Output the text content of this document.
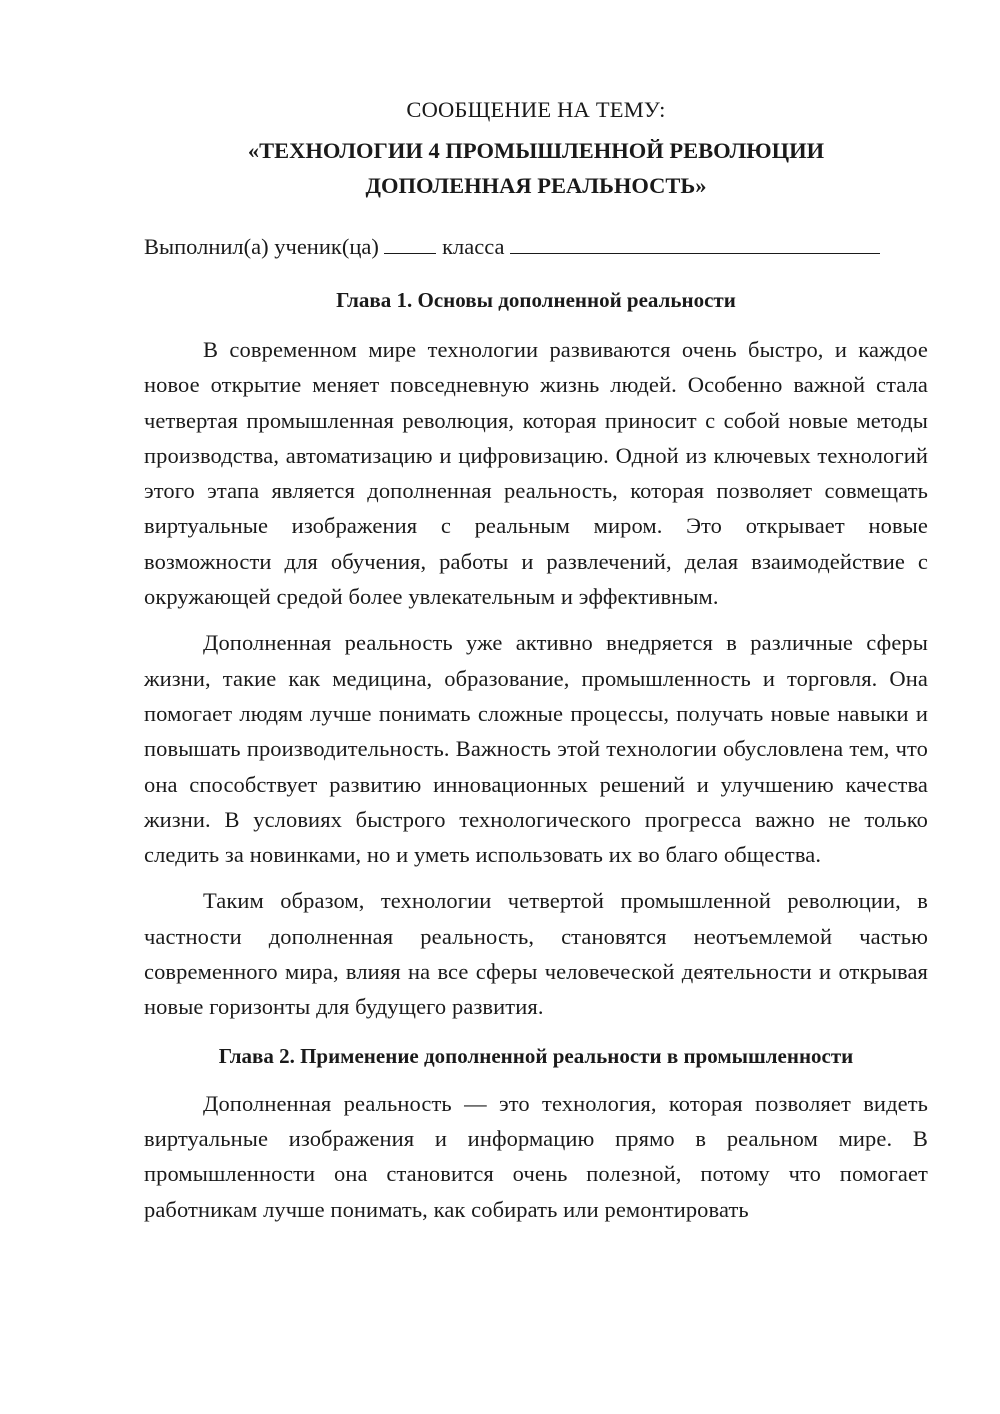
СООБЩЕНИЕ НА ТЕМУ:

«ТЕХНОЛОГИИ 4 ПРОМЫШЛЕННОЙ РЕВОЛЮЦИИ

ДОПОЛЕННАЯ РЕАЛЬНОСТЬ»

Выполнил(а) ученик(ца)	класса

Глава 1. Основы дополненной реальности

В современном мире технологии развиваются очень быстро, и каждое новое открытие меняет повседневную жизнь людей. Особенно важной стала четвертая промышленная революция, которая приносит с собой новые методы производства, автоматизацию и цифровизацию. Одной из ключевых технологий этого этапа является дополненная реальность, которая позволяет совмещать виртуальные изображения с реальным миром. Это открывает новые возможности для обучения, работы и развлечений, делая взаимодействие с окружающей средой более увлекательным и эффективным.

Дополненная реальность уже активно внедряется в различные сферы жизни, такие как медицина, образование, промышленность и торговля. Она помогает людям лучше понимать сложные процессы, получать новые навыки и повышать производительность. Важность этой технологии обусловлена тем, что она способствует развитию инновационных решений и улучшению качества жизни. В условиях быстрого технологического прогресса важно не только следить за новинками, но и уметь использовать их во благо общества.

Таким образом, технологии четвертой промышленной революции, в частности дополненная реальность, становятся неотъемлемой частью современного мира, влияя на все сферы человеческой деятельности и открывая новые горизонты для будущего развития.

Глава 2. Применение дополненной реальности в промышленности

Дополненная реальность — это технология, которая позволяет видеть виртуальные изображения и информацию прямо в реальном мире. В промышленности она становится очень полезной, потому что помогает работникам лучше понимать, как собирать или ремонтировать
